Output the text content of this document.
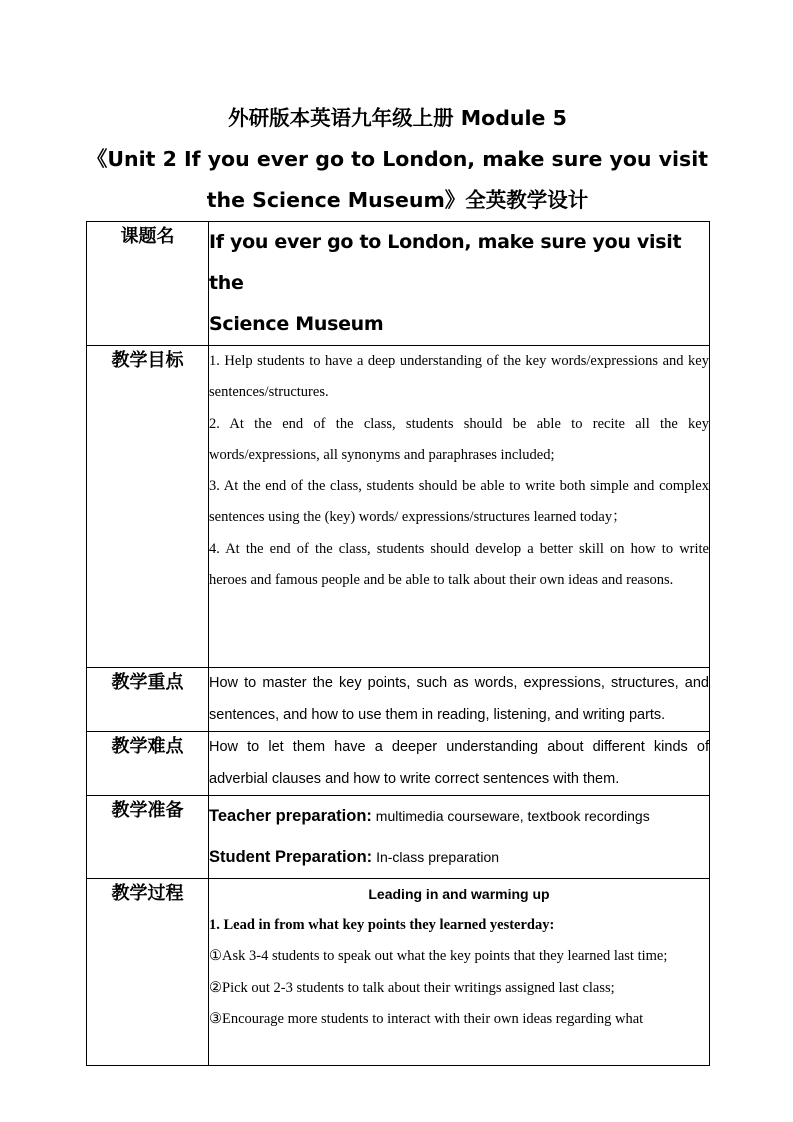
外研版本英语九年级上册 Module 5
《Unit 2 If you ever go to London, make sure you visit
the Science Museum》全英教学设计
课题名	If you ever go to London, make sure you visit the
Science Museum

教学目标	1. Help students to have a deep understanding of the key words/expressions and key sentences/structures.
2. At the end of the class, students should be able to recite all the key words/expressions, all synonyms and paraphrases included;
3. At the end of the class, students should be able to write both simple and complex sentences using the (key) words/ expressions/structures learned today；
4. At the end of the class, students should develop a better skill on how to write heroes and famous people and be able to talk about their own ideas and reasons.

教学重点	How to master the key points, such as words, expressions, structures, and sentences, and how to use them in reading, listening, and writing parts.
教学难点	How to let them have a deeper understanding about different kinds of adverbial clauses and how to write correct sentences with them.
教学准备	Teacher preparation: multimedia courseware, textbook recordings
Student Preparation: In-class preparation

教学过程	Leading in and warming up
1. Lead in from what key points they learned yesterday:
①Ask 3-4 students to speak out what the key points that they learned last time;
②Pick out 2-3 students to talk about their writings assigned last class;
③Encourage more students to interact with their own ideas regarding what
